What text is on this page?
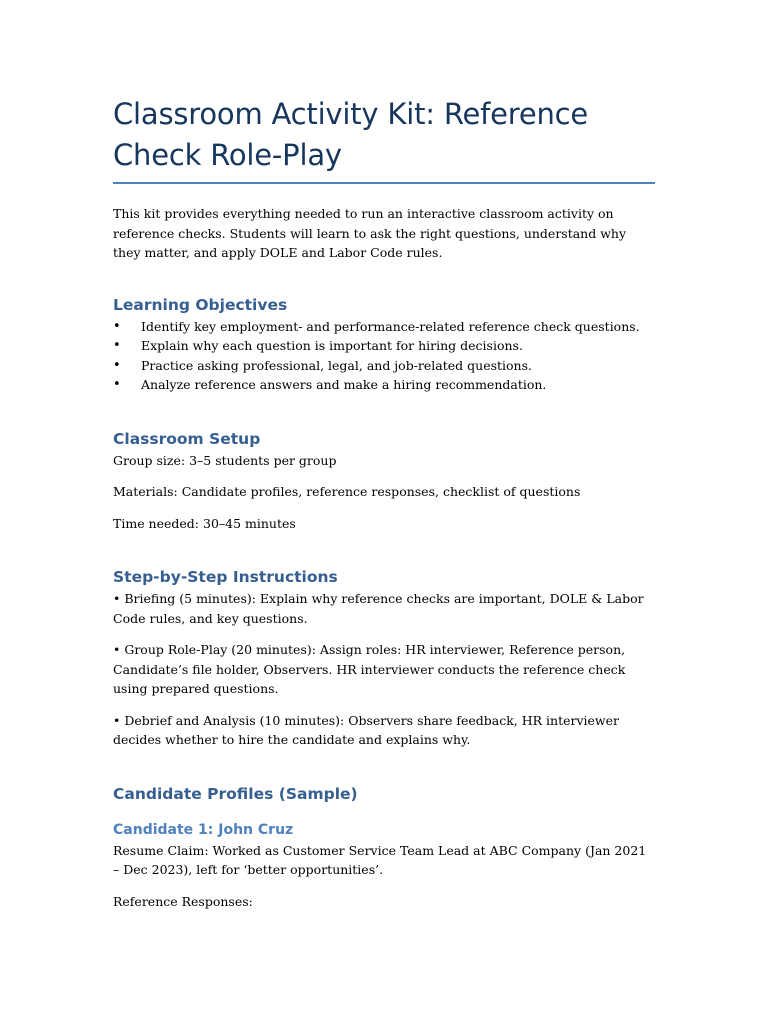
Classroom Activity Kit: Reference Check Role-Play

This kit provides everything needed to run an interactive classroom activity on reference checks. Students will learn to ask the right questions, understand why they matter, and apply DOLE and Labor Code rules.

Learning Objectives
• Identify key employment- and performance-related reference check questions.
• Explain why each question is important for hiring decisions.
• Practice asking professional, legal, and job-related questions.
• Analyze reference answers and make a hiring recommendation.
Classroom Setup

Group size: 3–5 students per group

Materials: Candidate profiles, reference responses, checklist of questions

Time needed: 30–45 minutes

Step-by-Step Instructions

• Briefing (5 minutes): Explain why reference checks are important, DOLE & Labor Code rules, and key questions.

• Group Role-Play (20 minutes): Assign roles: HR interviewer, Reference person, Candidate’s file holder, Observers. HR interviewer conducts the reference check using prepared questions.

• Debrief and Analysis (10 minutes): Observers share feedback, HR interviewer decides whether to hire the candidate and explains why.

Candidate Profiles (Sample)
Candidate 1: John Cruz

Resume Claim: Worked as Customer Service Team Lead at ABC Company (Jan 2021 – Dec 2023), left for ‘better opportunities’.

Reference Responses:
